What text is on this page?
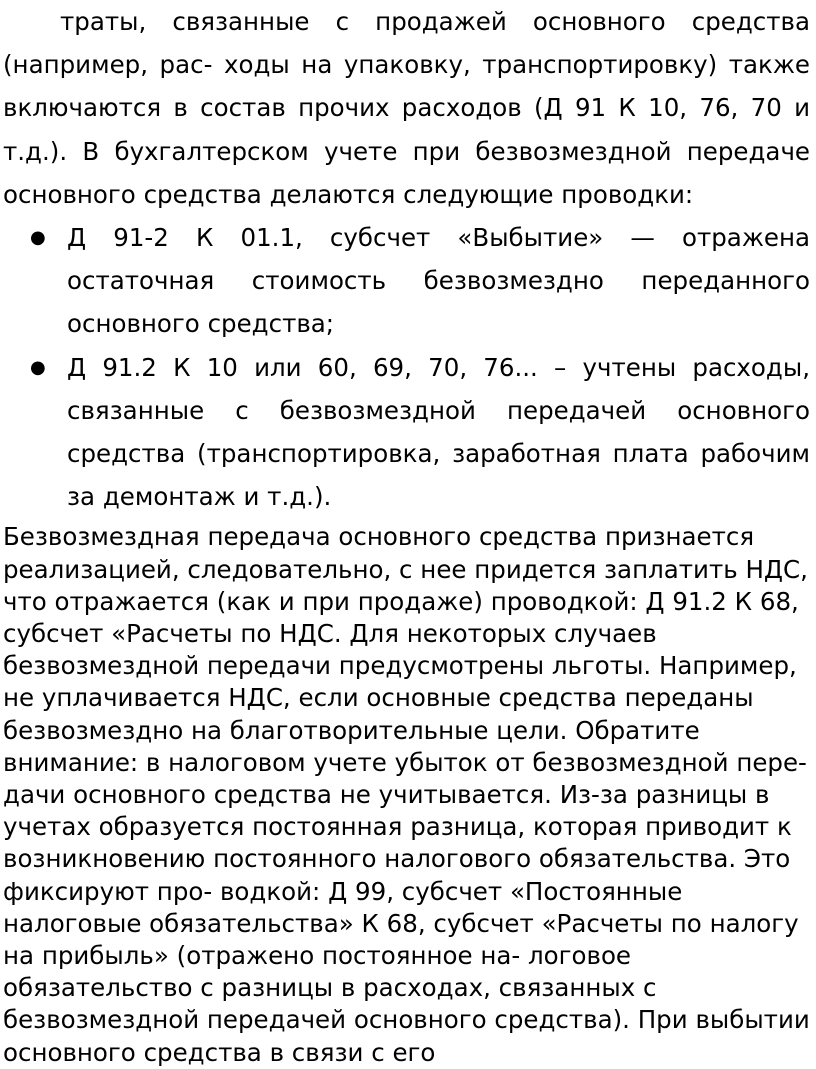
траты, связанные с продажей основного средства (например, рас- ходы на упаковку, транспортировку) также включаются в состав прочих расходов (Д 91 К 10, 76, 70 и т.д.). В бухгалтерском учете при безвозмездной передаче основного средства делаются следующие проводки:

● Д 91-2 К 01.1, субсчет «Выбытие» — отражена остаточная стоимость безвозмездно переданного основного средства;
● Д 91.2 К 10 или 60, 69, 70, 76... – учтены расходы, связанные с безвозмездной передачей основного средства (транспортировка, заработная плата рабочим за демонтаж и т.д.).

Безвозмездная передача основного средства признается реализацией, следовательно, с нее придется заплатить НДС, что отражается (как и при продаже) проводкой: Д 91.2 К 68, субсчет «Расчеты по НДС. Для некоторых случаев безвозмездной передачи предусмотрены льготы. Например, не уплачивается НДС, если основные средства переданы безвозмездно на благотворительные цели. Обратите внимание: в налоговом учете убыток от безвозмездной пере- дачи основного средства не учитывается. Из-за разницы в учетах образуется постоянная разница, которая приводит к возникновению постоянного налогового обязательства. Это фиксируют про- водкой: Д 99, субсчет «Постоянные налоговые обязательства» К 68, субсчет «Расчеты по налогу на прибыль» (отражено постоянное на- логовое обязательство с разницы в расходах, связанных с безвозмездной передачей основного средства). При выбытии основного средства в связи с его
